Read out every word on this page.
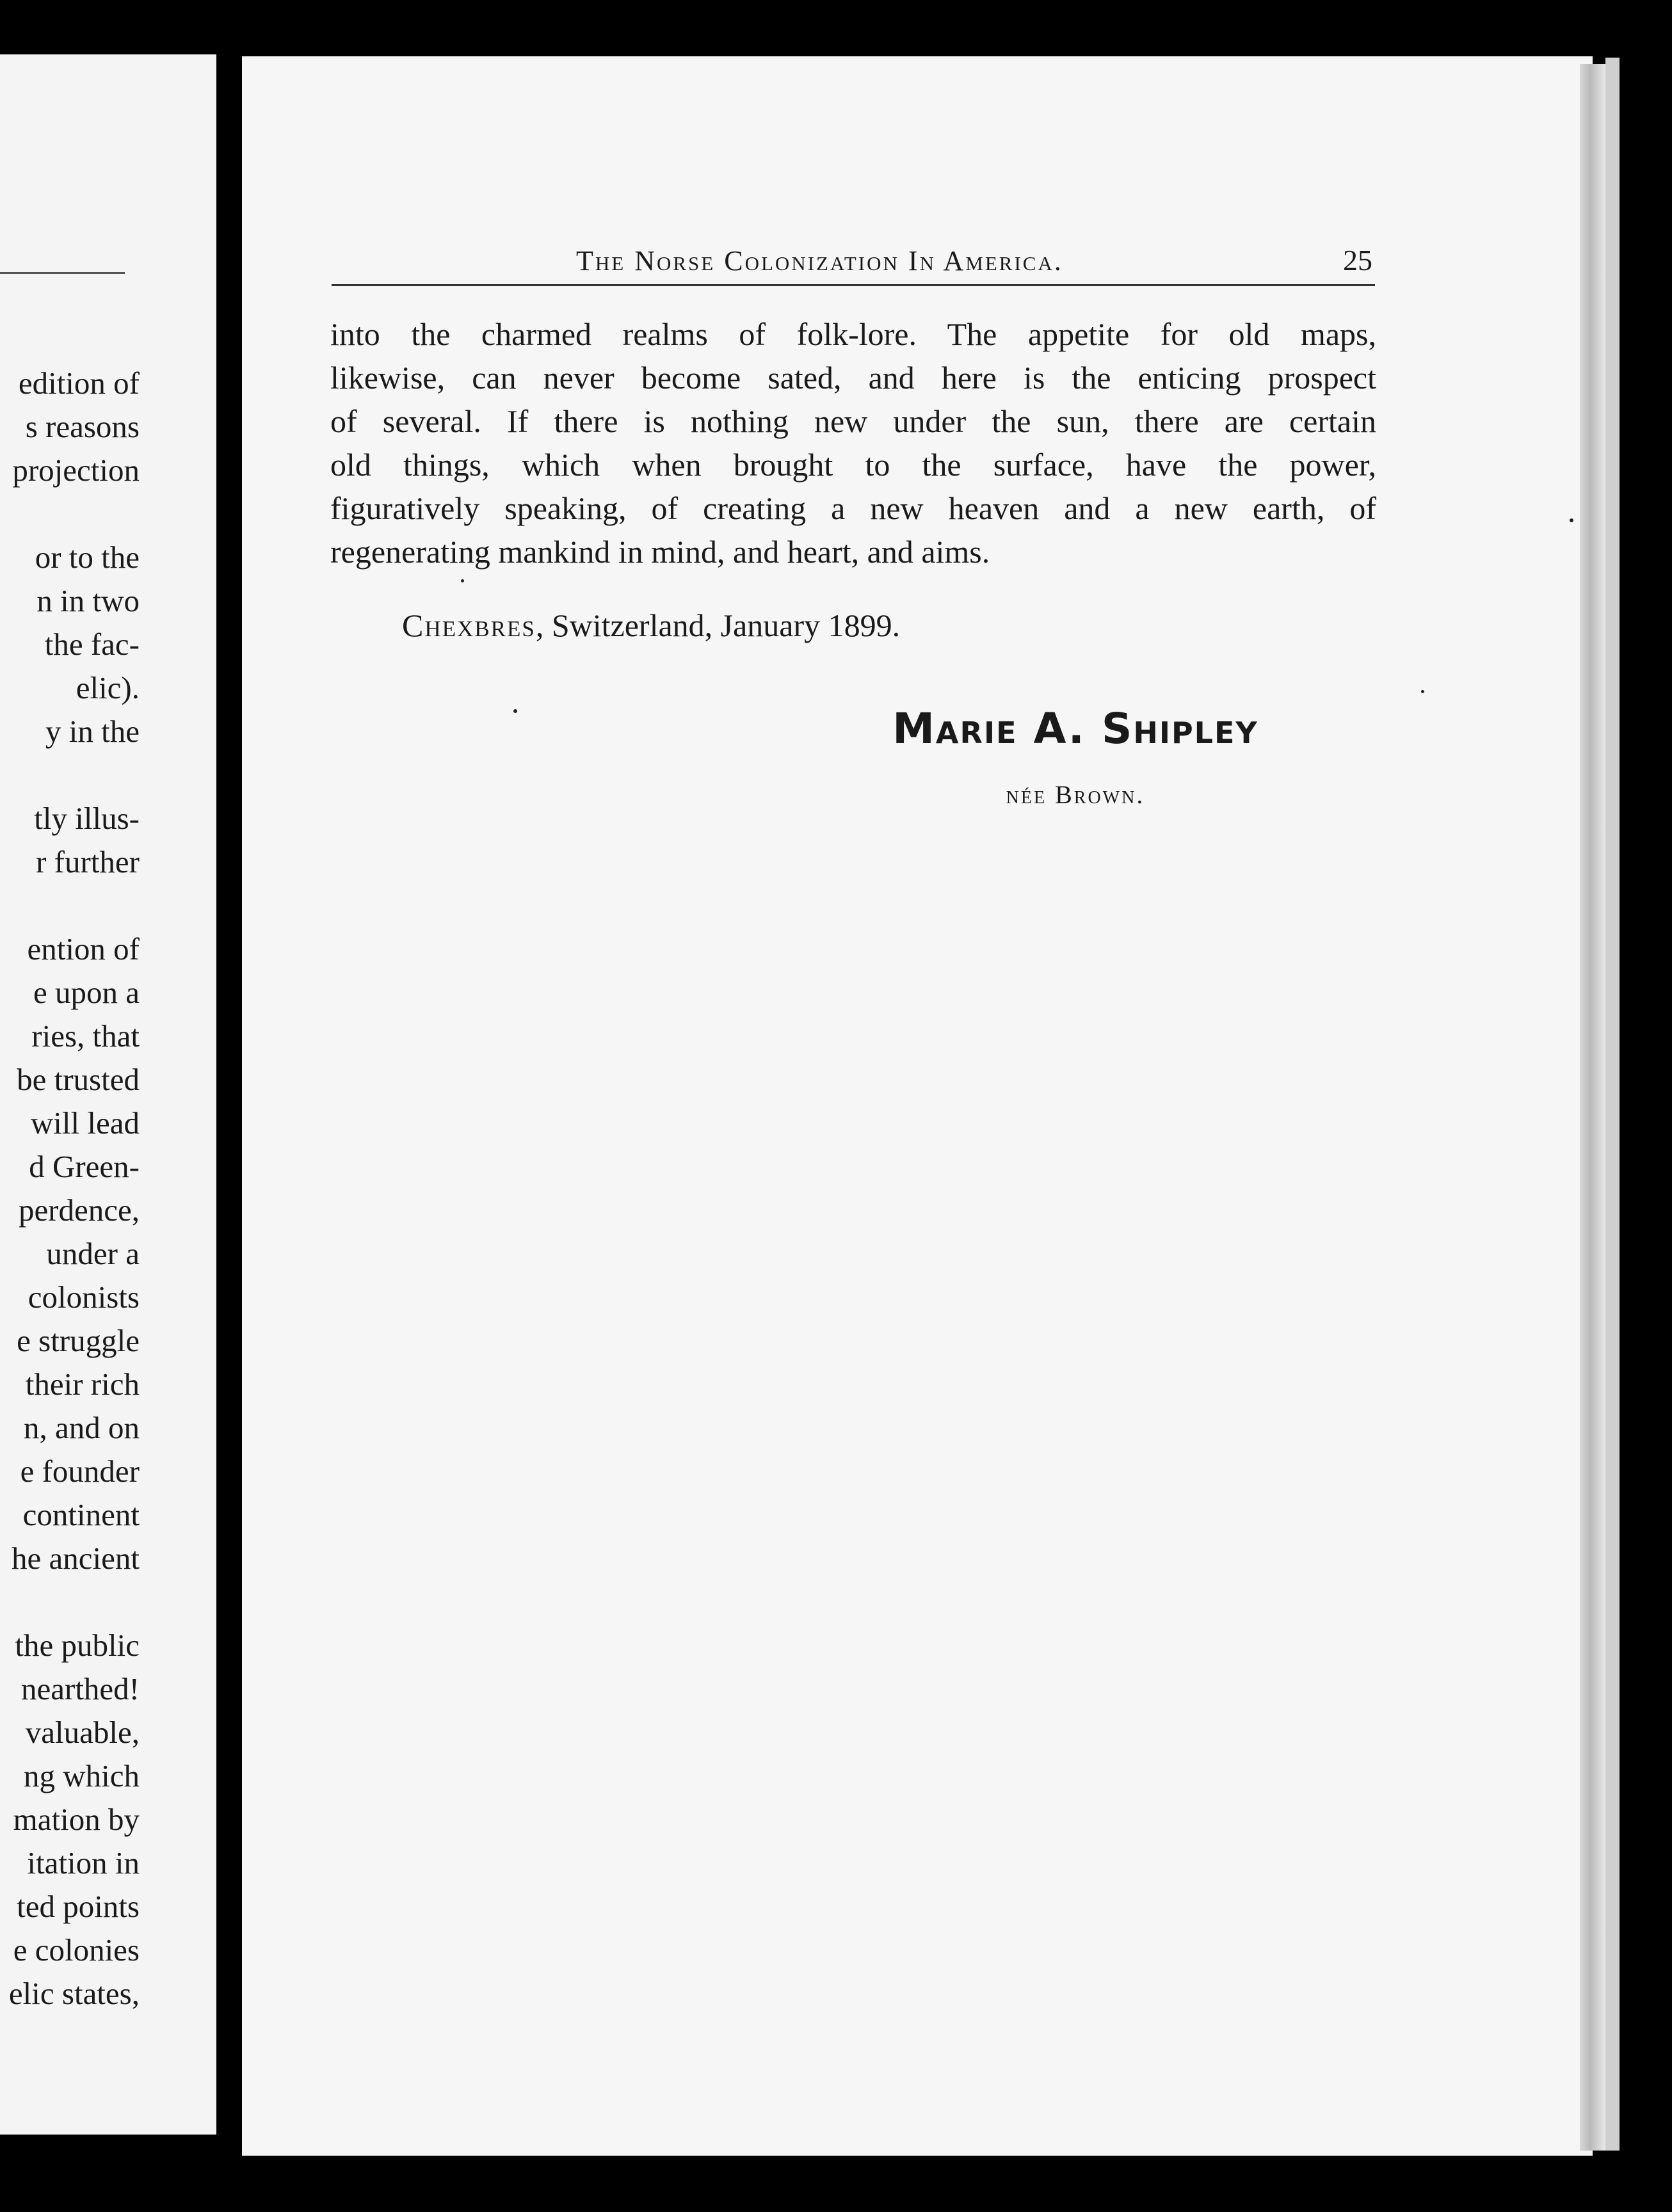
edition of
s reasons
projection
or to the
n in two
the fac-
elic).
y in the
tly illus-
r further
ention of
e upon a
ries, that
be trusted
will lead
d Green-
perdence,
under a
colonists
e struggle
their rich
n, and on
e founder
continent
he ancient
the public
nearthed!
valuable,
ng which
mation by
itation in
ted points
e colonies
elic states,
The Norse Colonization In America.	25
into the charmed realms of folk-lore. The appetite for old maps,
likewise, can never become sated, and here is the enticing prospect
of several. If there is nothing new under the sun, there are certain
old things, which when brought to the surface, have the power,
figuratively speaking, of creating a new heaven and a new earth, of
regenerating mankind in mind, and heart, and aims.
Chexbres, Switzerland, January 1899.
Marie A. Shipley
née Brown.
